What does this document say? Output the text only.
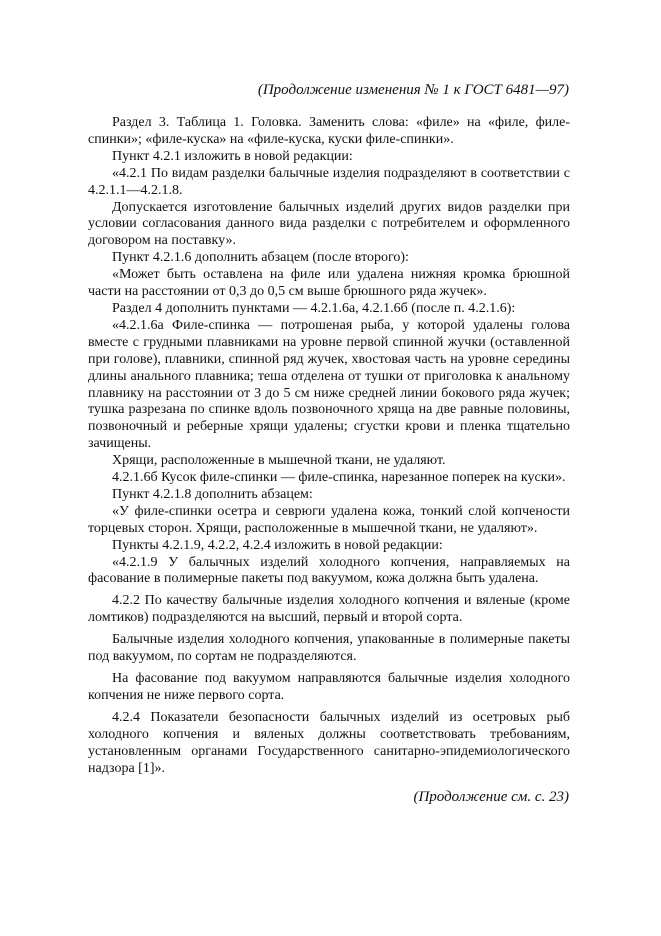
(Продолжение изменения № 1 к ГОСТ 6481—97)

Раздел 3. Таблица 1. Головка. Заменить слова: «филе» на «филе, филе-спинки»; «филе-куска» на «филе-куска, куски филе-спинки».

Пункт 4.2.1 изложить в новой редакции:

«4.2.1 По видам разделки балычные изделия подразделяют в соответствии с 4.2.1.1—4.2.1.8.

Допускается изготовление балычных изделий других видов разделки при условии согласования данного вида разделки с потребителем и оформленного договором на поставку».

Пункт 4.2.1.6 дополнить абзацем (после второго):

«Может быть оставлена на филе или удалена нижняя кромка брюшной части на расстоянии от 0,3 до 0,5 см выше брюшного ряда жучек».

Раздел 4 дополнить пунктами — 4.2.1.6а, 4.2.1.6б (после п. 4.2.1.6):

«4.2.1.6а Филе-спинка — потрошеная рыба, у которой удалены голова вместе с грудными плавниками на уровне первой спинной жучки (оставленной при голове), плавники, спинной ряд жучек, хвостовая часть на уровне середины длины анального плавника; теша отделена от тушки от приголовка к анальному плавнику на расстоянии от 3 до 5 см ниже средней линии бокового ряда жучек; тушка разрезана по спинке вдоль позвоночного хряща на две равные половины, позвоночный и реберные хрящи удалены; сгустки крови и пленка тщательно зачищены.

Хрящи, расположенные в мышечной ткани, не удаляют.

4.2.1.6б Кусок филе-спинки — филе-спинка, нарезанное поперек на куски».

Пункт 4.2.1.8 дополнить абзацем:

«У филе-спинки осетра и севрюги удалена кожа, тонкий слой копчености торцевых сторон. Хрящи, расположенные в мышечной ткани, не удаляют».

Пункты 4.2.1.9, 4.2.2, 4.2.4 изложить в новой редакции:

«4.2.1.9 У балычных изделий холодного копчения, направляемых на фасование в полимерные пакеты под вакуумом, кожа должна быть удалена.

4.2.2 По качеству балычные изделия холодного копчения и вяленые (кроме ломтиков) подразделяются на высший, первый и второй сорта.

Балычные изделия холодного копчения, упакованные в полимерные пакеты под вакуумом, по сортам не подразделяются.

На фасование под вакуумом направляются балычные изделия холодного копчения не ниже первого сорта.

4.2.4 Показатели безопасности балычных изделий из осетровых рыб холодного копчения и вяленых должны соответствовать требованиям, установленным органами Государственного санитарно-эпидемиологического надзора [1]».

(Продолжение см. с. 23)
